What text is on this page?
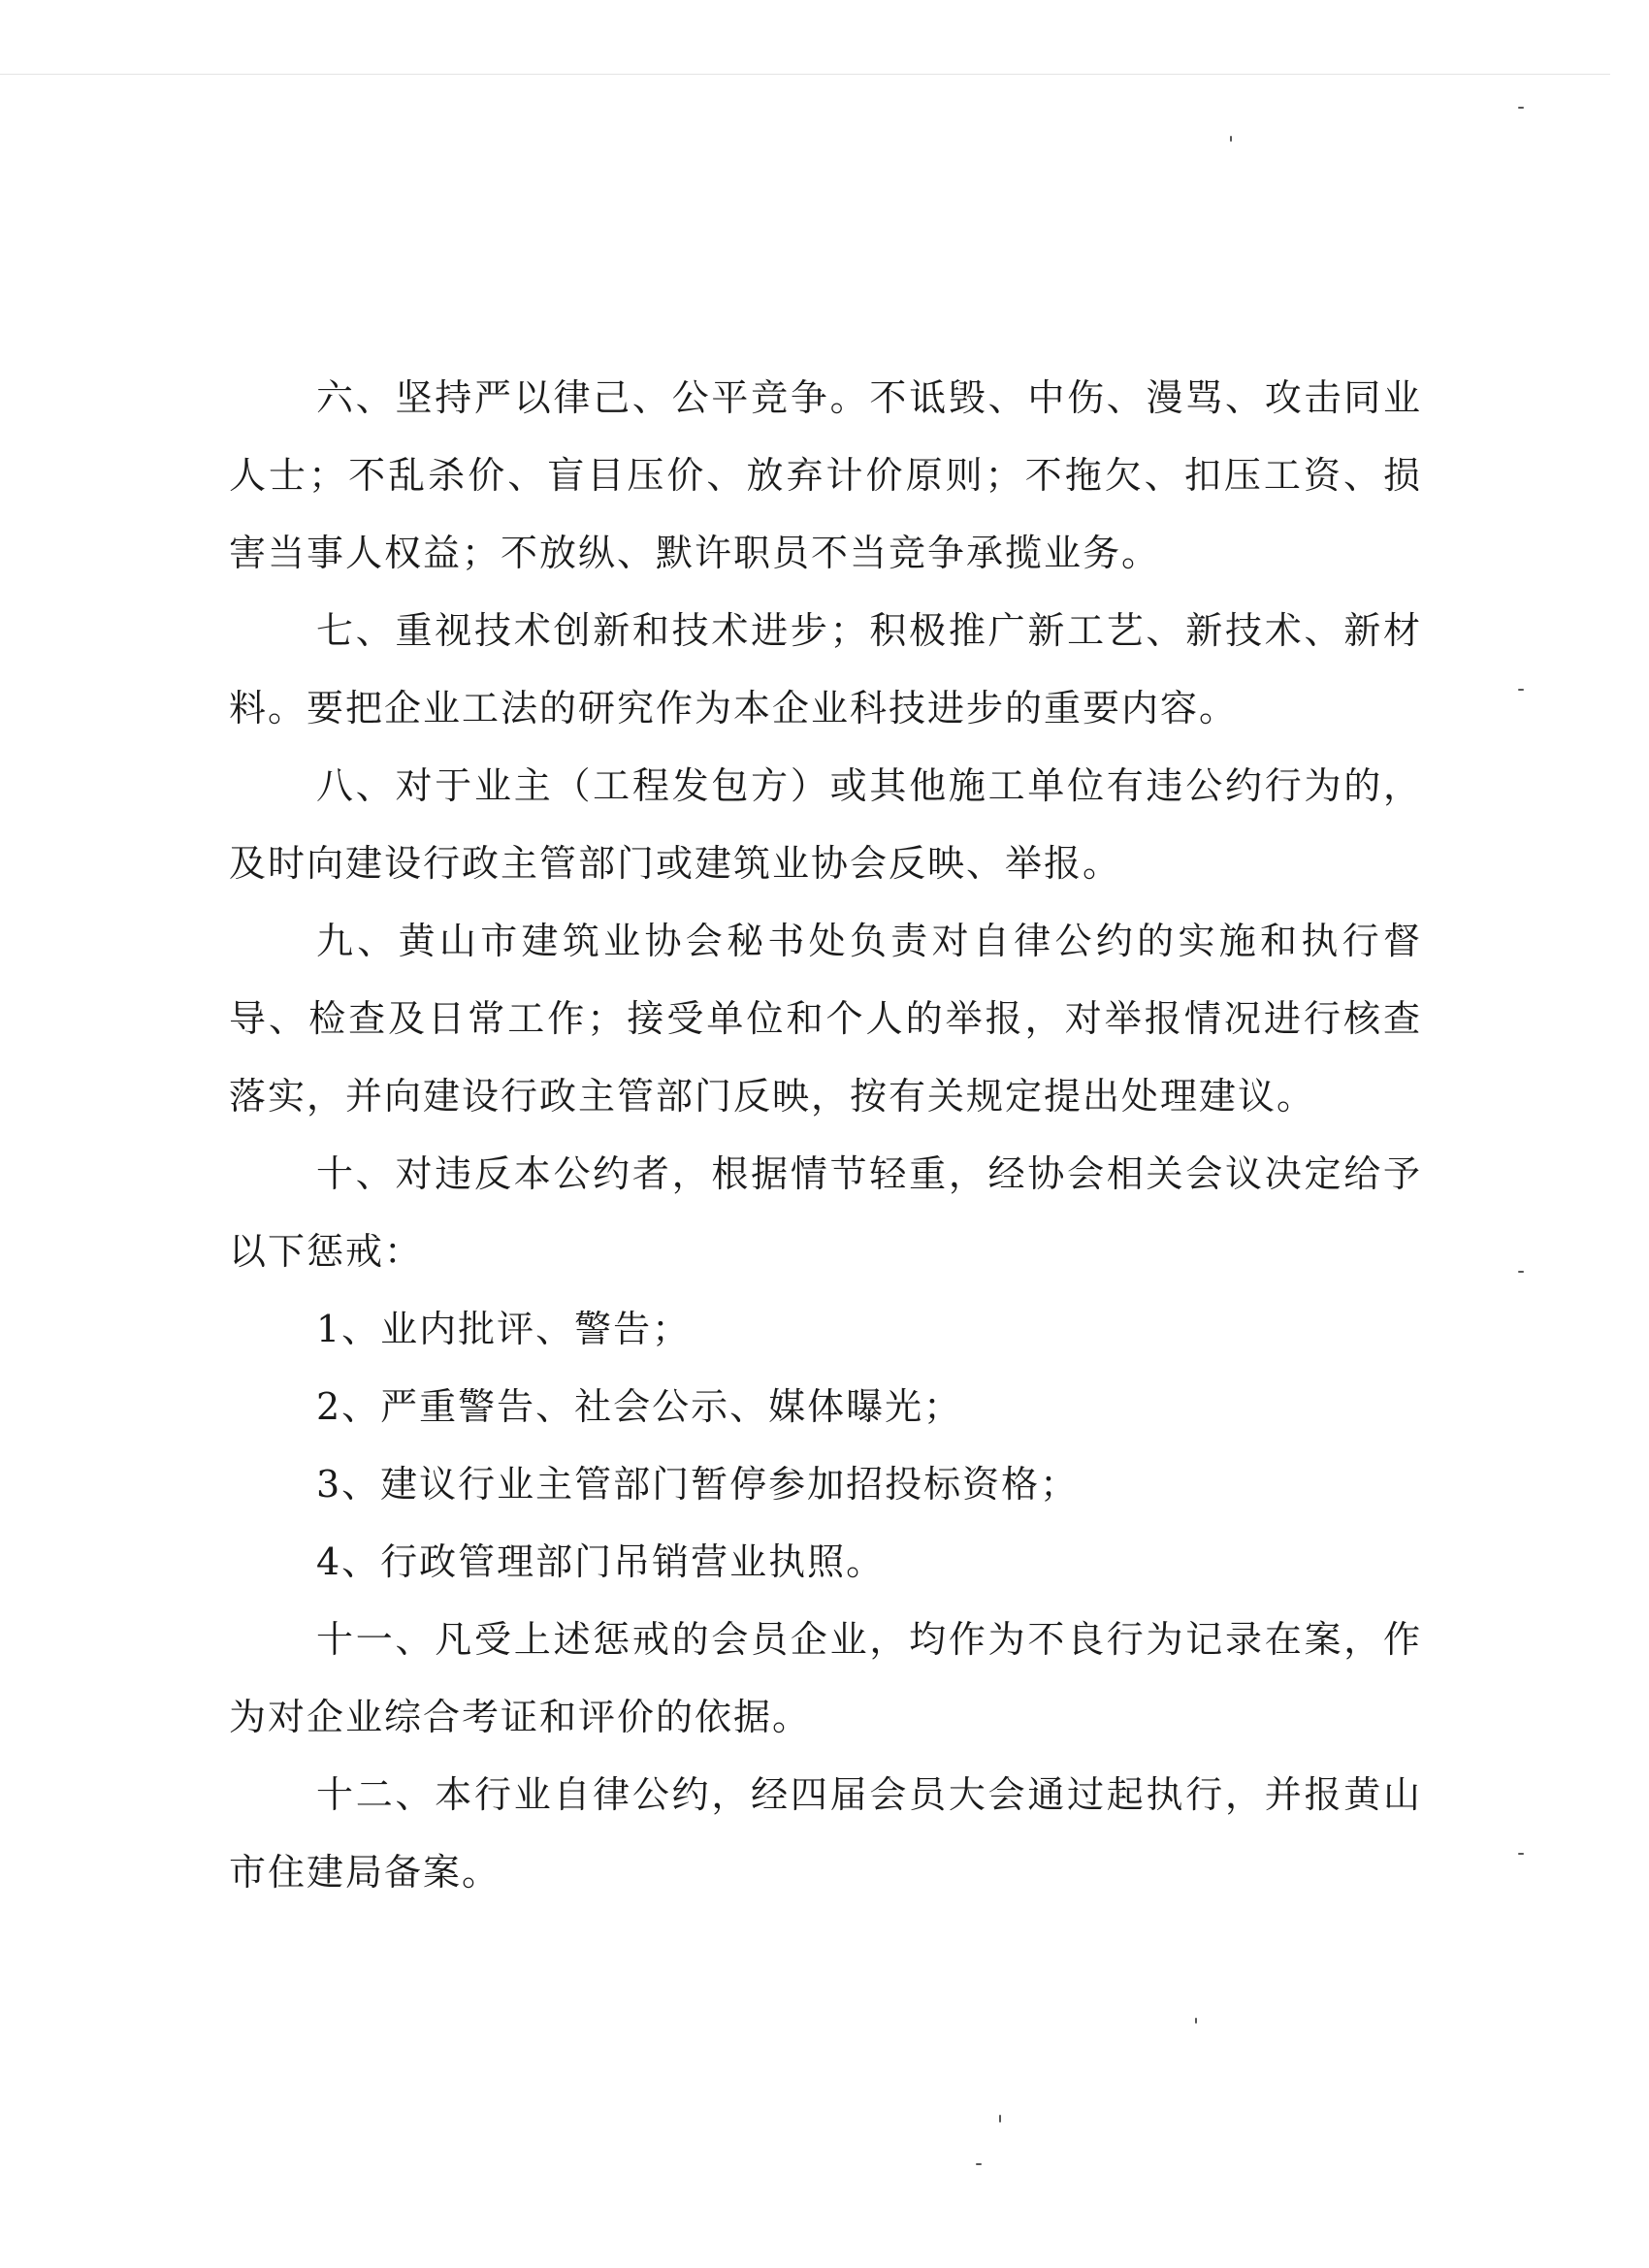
六、坚持严以律己、公平竞争。不诋毁、中伤、漫骂、攻击同业人士；不乱杀价、盲目压价、放弃计价原则；不拖欠、扣压工资、损害当事人权益；不放纵、默许职员不当竞争承揽业务。

七、重视技术创新和技术进步；积极推广新工艺、新技术、新材料。要把企业工法的研究作为本企业科技进步的重要内容。

八、对于业主（工程发包方）或其他施工单位有违公约行为的，及时向建设行政主管部门或建筑业协会反映、举报。

九、黄山市建筑业协会秘书处负责对自律公约的实施和执行督导、检查及日常工作；接受单位和个人的举报，对举报情况进行核查落实，并向建设行政主管部门反映，按有关规定提出处理建议。

十、对违反本公约者，根据情节轻重，经协会相关会议决定给予以下惩戒：

1、业内批评、警告；

2、严重警告、社会公示、媒体曝光；

3、建议行业主管部门暂停参加招投标资格；

4、行政管理部门吊销营业执照。

十一、凡受上述惩戒的会员企业，均作为不良行为记录在案，作为对企业综合考证和评价的依据。

十二、本行业自律公约，经四届会员大会通过起执行，并报黄山市住建局备案。
